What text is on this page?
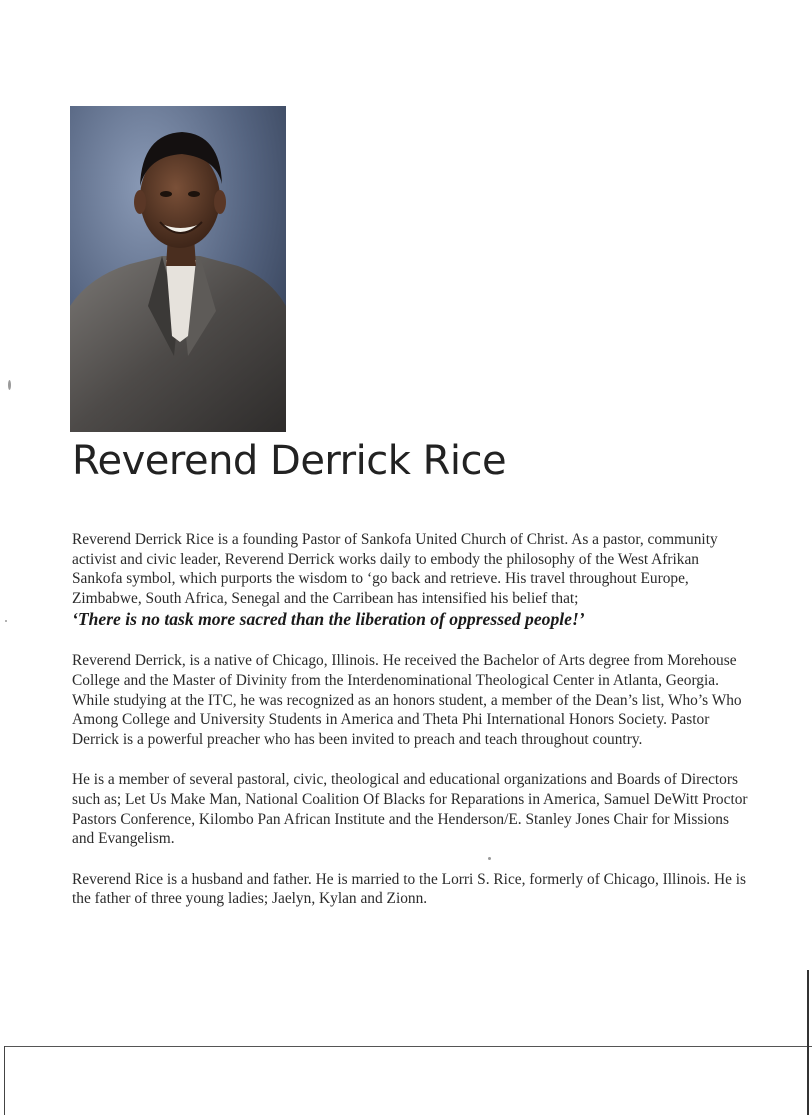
Reverend Derrick Rice

Reverend Derrick Rice is a founding Pastor of Sankofa United Church of Christ. As a pastor, community activist and civic leader, Reverend Derrick works daily to embody the philosophy of the West Afrikan Sankofa symbol, which purports the wisdom to ‘go back and retrieve. His travel throughout Europe, Zimbabwe, South Africa, Senegal and the Carribean has intensified his belief that;
‘There is no task more sacred than the liberation of oppressed people!’

Reverend Derrick, is a native of Chicago, Illinois. He received the Bachelor of Arts degree from Morehouse College and the Master of Divinity from the Interdenominational Theological Center in Atlanta, Georgia. While studying at the ITC, he was recognized as an honors student, a member of the Dean’s list, Who’s Who Among College and University Students in America and Theta Phi International Honors Society. Pastor Derrick is a powerful preacher who has been invited to preach and teach throughout country.

He is a member of several pastoral, civic, theological and educational organizations and Boards of Directors such as; Let Us Make Man, National Coalition Of Blacks for Reparations in America, Samuel DeWitt Proctor Pastors Conference, Kilombo Pan African Institute and the Henderson/E. Stanley Jones Chair for Missions and Evangelism.

Reverend Rice is a husband and father. He is married to the Lorri S. Rice, formerly of Chicago, Illinois. He is the father of three young ladies; Jaelyn, Kylan and Zionn.
